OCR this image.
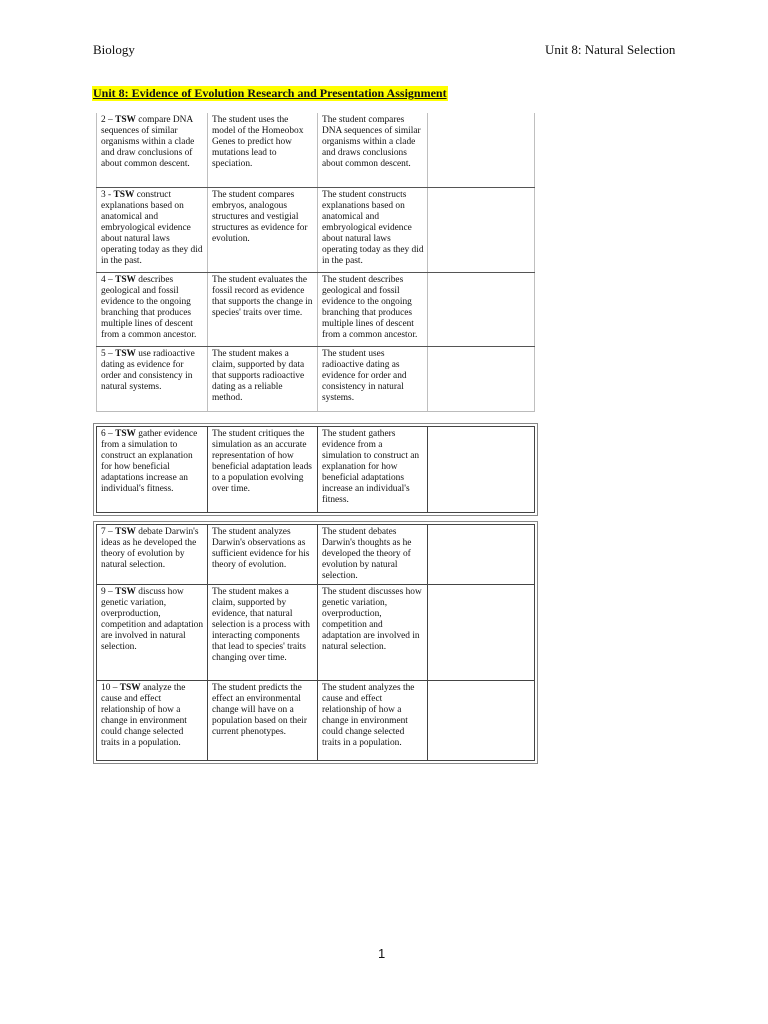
Biology	Unit 8: Natural Selection
Unit 8: Evidence of Evolution Research and Presentation Assignment
2 – TSW compare DNA sequences of similar organisms within a clade and draw conclusions of about common descent.	The student uses the model of the Homeobox Genes to predict how mutations lead to speciation.	The student compares DNA sequences of similar organisms within a clade and draws conclusions about common descent.	
3 - TSW construct explanations based on anatomical and embryological evidence about natural laws operating today as they did in the past.	The student compares embryos, analogous structures and vestigial structures as evidence for evolution.	The student constructs explanations based on anatomical and embryological evidence about natural laws operating today as they did in the past.	
4 – TSW describes geological and fossil evidence to the ongoing branching that produces multiple lines of descent from a common ancestor.	The student evaluates the fossil record as evidence that supports the change in species' traits over time.	The student describes geological and fossil evidence to the ongoing branching that produces multiple lines of descent from a common ancestor.	
5 – TSW use radioactive dating as evidence for order and consistency in natural systems.	The student makes a claim, supported by data that supports radioactive dating as a reliable method.	The student uses radioactive dating as evidence for order and consistency in natural systems.	
6 – TSW gather evidence from a simulation to construct an explanation for how beneficial adaptations increase an individual's fitness.	The student critiques the simulation as an accurate representation of how beneficial adaptation leads to a population evolving over time.	The student gathers evidence from a simulation to construct an explanation for how beneficial adaptations increase an individual's fitness.	
7 – TSW debate Darwin's ideas as he developed the theory of evolution by natural selection.	The student analyzes Darwin's observations as sufficient evidence for his theory of evolution.	The student debates Darwin's thoughts as he developed the theory of evolution by natural selection.	
9 – TSW discuss how genetic variation, overproduction, competition and adaptation are involved in natural selection.	The student makes a claim, supported by evidence, that natural selection is a process with interacting components that lead to species' traits changing over time.	The student discusses how genetic variation, overproduction, competition and adaptation are involved in natural selection.	
10 – TSW analyze the cause and effect relationship of how a change in environment could change selected traits in a population.	The student predicts the effect an environmental change will have on a population based on their current phenotypes.	The student analyzes the cause and effect relationship of how a change in environment could change selected traits in a population.	
1
